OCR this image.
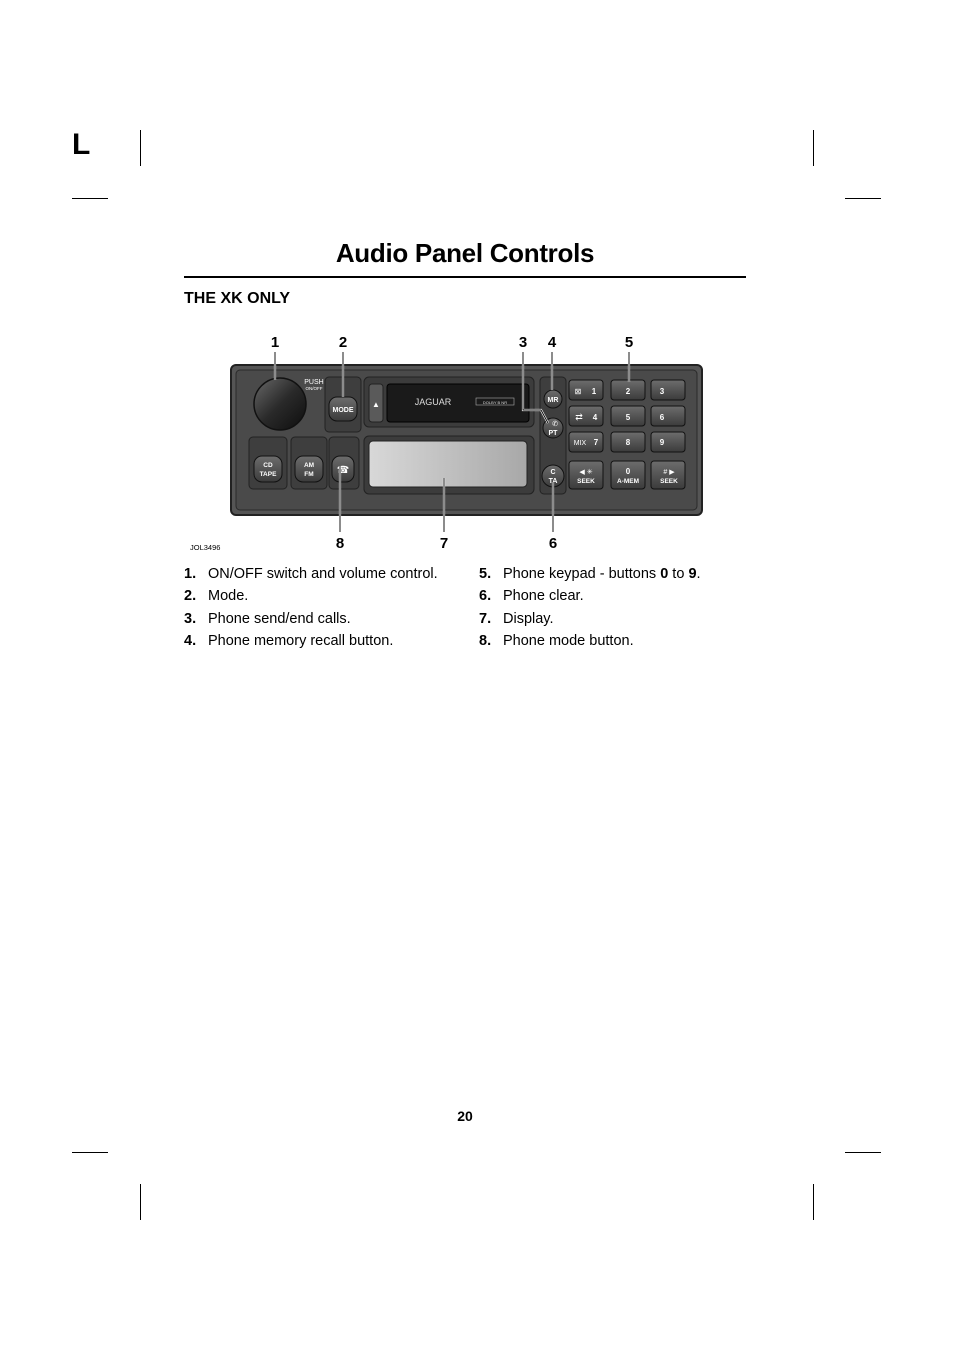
L
Audio Panel Controls
THE XK ONLY
1	2	3 4	5
PUSH
ON/OFF
MODE
▲	JAGUAR	DOLBY B NR
CD
TAPE
AM
FM ☎
MR
✆
PT
C
TA
⊠ 1	2	3
⇄ 4	5	6
MIX 7	8	9
◀ ✳
SEEK
0
A-MEM
# ▶
SEEK
JOL3496	8	7	6
1. ON/OFF switch and volume control.
2. Mode.
3. Phone send/end calls.
4. Phone memory recall button.
5. Phone keypad - buttons 0 to 9.
6. Phone clear.
7. Display.
8. Phone mode button.
20
